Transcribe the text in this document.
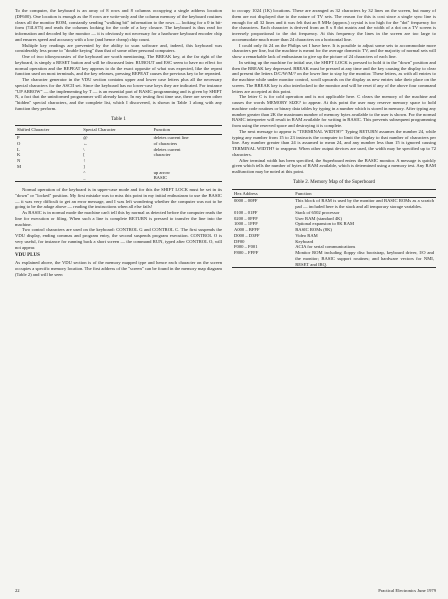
To the computer, the keyboard is an array of 8 rows and 8 columns occupying a single address location (DF600). One location is enough as the 8 rows are write-only and the column memory of the keyboard routines clears all the monitor ROM, constantly sending "walking bit" information to the rows — looking for a 0 in bit-form (74LS75) and reads the columns looking for the code of a key closure. The keyboard is thus read for information and decoded by the monitor — it is obviously not necessary for a hardware keyboard encoder chip and ensures speed and accuracy with a low (and hence cheap) chip count.

Multiple key readings are prevented by the ability to scan software and, indeed, this keyboard was considerably less prone to "double keying" than that of some other personal computers.

One of two idiosyncrasies of the keyboard are worth mentioning. The BREAK key, at the far right of the keyboard, is simply a RESET button and will be discussed later. RUBOUT and ESC seem to have no effect for normal operation and the REPEAT key appears to do the exact opposite of what was expected, like the repeat function used on most terminals, and the key releases, pressing REPEAT causes the previous key to be repeated.

The character generator in the VDU section contains upper and lower case letters plus all the necessary special characters for the ASCII set. Since the keyboard has no lower-case keys they are indicated. For instance "UP ARROW" — the implementing by T — is an essential part of BASIC programming and is given by SHIFT N, a fact that the uninformed programmer will already know. In my testing first time use, there are seven other "hidden" special characters, and the complete list, which I discovered, is shown in Table 1 along with any function they perform.

Table 1
Shifted Character	Special Character	Function
P	@	deletes current line
O	←	of characters
L	\	deletes current
K	[	character
N	↑	
M	]	
	^	up arrow
	_	BASIC

Normal operation of the keyboard is in upper-case mode and for this the SHIFT LOCK must be set in its "down" or "locked" position. My first mistake was to miss this point in my initial enthusiasm to use the BASIC — it was very difficult to get an error message, and I was left wondering whether the computer was not to be going to be the adage above — reading the instructions when all else fails!

As BASIC is in normal mode the machine can't tell this by normal as detected before the computer reads the line for execution or filing. When such a line is complete RETURN is pressed to transfer the line into the machine.

Two control characters are used on the keyboard: CONTROL G and CONTROL C. The first suspends the VDU display, ending commas and program entry, the second suspends program execution. CONTROL O is very useful, for instance for running back a short screen — the command RUN, typed after CONTROL O, will not appear.

VDU PLUS

As explained above, the VDU section is of the memory mapped type and hence each character on the screen occupies a specific memory location. The first address of the "screen" can be found in the memory map diagram (Table 2) and will be seen

to occupy 1024 (1K) locations. These are arranged as 32 characters by 32 lines on the screen, but many of them are not displayed due to the nature of TV sets. The reason for this is cost since a single sync line is enough for all 32 lines and it was felt that an 8 MHz (approx.) crystal is too high for the "dot" frequency for the characters. Each character is derived from an 8 x 8 dot matrix and the width of a dot on a TV screen is inversely proportional to the dot frequency. At this frequency the lines in the screen are too large to accommodate much more than 24 characters on a horizontal line.

I could only fit 24 on the Philips set I have here. It is possible to adjust some sets to accommodate more characters per line, but the machine is meant for the average domestic TV, and the majority of normal sets will show a remarkable lack of enthusiasm to give up the picture of 24 characters of each line.

In setting up the machine for initial use, the SHIFT LOCK is pressed to hold it in the "down" position and then the BREAK key depressed. BREAK must be pressed at any time and the key causing the display to clear and present the letters D/C/W/M/? on the lower line to stay by the monitor. These letters, as with all entries to the machine while under monitor control, scroll upwards on the display as new entries take their place on the screen. The BREAK key is also interlocked to the monitor and will be reset if any of the above four command letters are accepted at this point.

The letter C is for cold operation and is not applicable here. C clears the memory of the machine and causes the words MEMORY SIZE? to appear. At this point the user may reserve memory space to hold machine code routines or binary data tables by typing in a number which is stored in memory. After typing any number greater than 2K the maximum number of memory bytes available to the user is shown. For the normal BASIC interpreter will result in RAM available for writing in BASIC. This prevents subsequent programming from using the reserved space and destroying it is complete.

The next message to appear is "TERMINAL WIDTH?" Typing RETURN assumes the number 24, while typing any number from 15 to 23 instructs the computer to limit the display to that number of characters per line. Any number greater than 24 is assumed to mean 24, and any number less than 15 is ignored causing TERMINAL WIDTH? to reappear. When other output devices are used, the width may be specified up to 72 characters.

After terminal width has been specified, the Superboard enters the BASIC monitor. A message is quickly given which tells the number of bytes of RAM available, which is determined using a memory test. Any RAM malfunction may be noted at this point.

Table 2. Memory Map of the Superboard
Hex Address	Function
0000 – 00FF	This block of RAM is used by the monitor and BASIC ROMs as a scratch pad — included here is the stack and all temporary storage variables.
0100 – 01FF	Stack of 6502 processor
0200 – 0FFF	User RAM (standard 4K)
1000 – 1FFF	Optional expansion to 8K RAM
A000 – BFFF	BASIC ROMs (8K)
D000 – D3FF	Video RAM
DF00	Keyboard
F000 – F001	ACIA for serial communications
F800 – FFFF	Monitor ROM including floppy disc bootstrap, keyboard driver, I/O and the monitor; BASIC support routines; and hardware vectors for NMI, RESET and IRQ.
22	Practical Electronics June 1979
